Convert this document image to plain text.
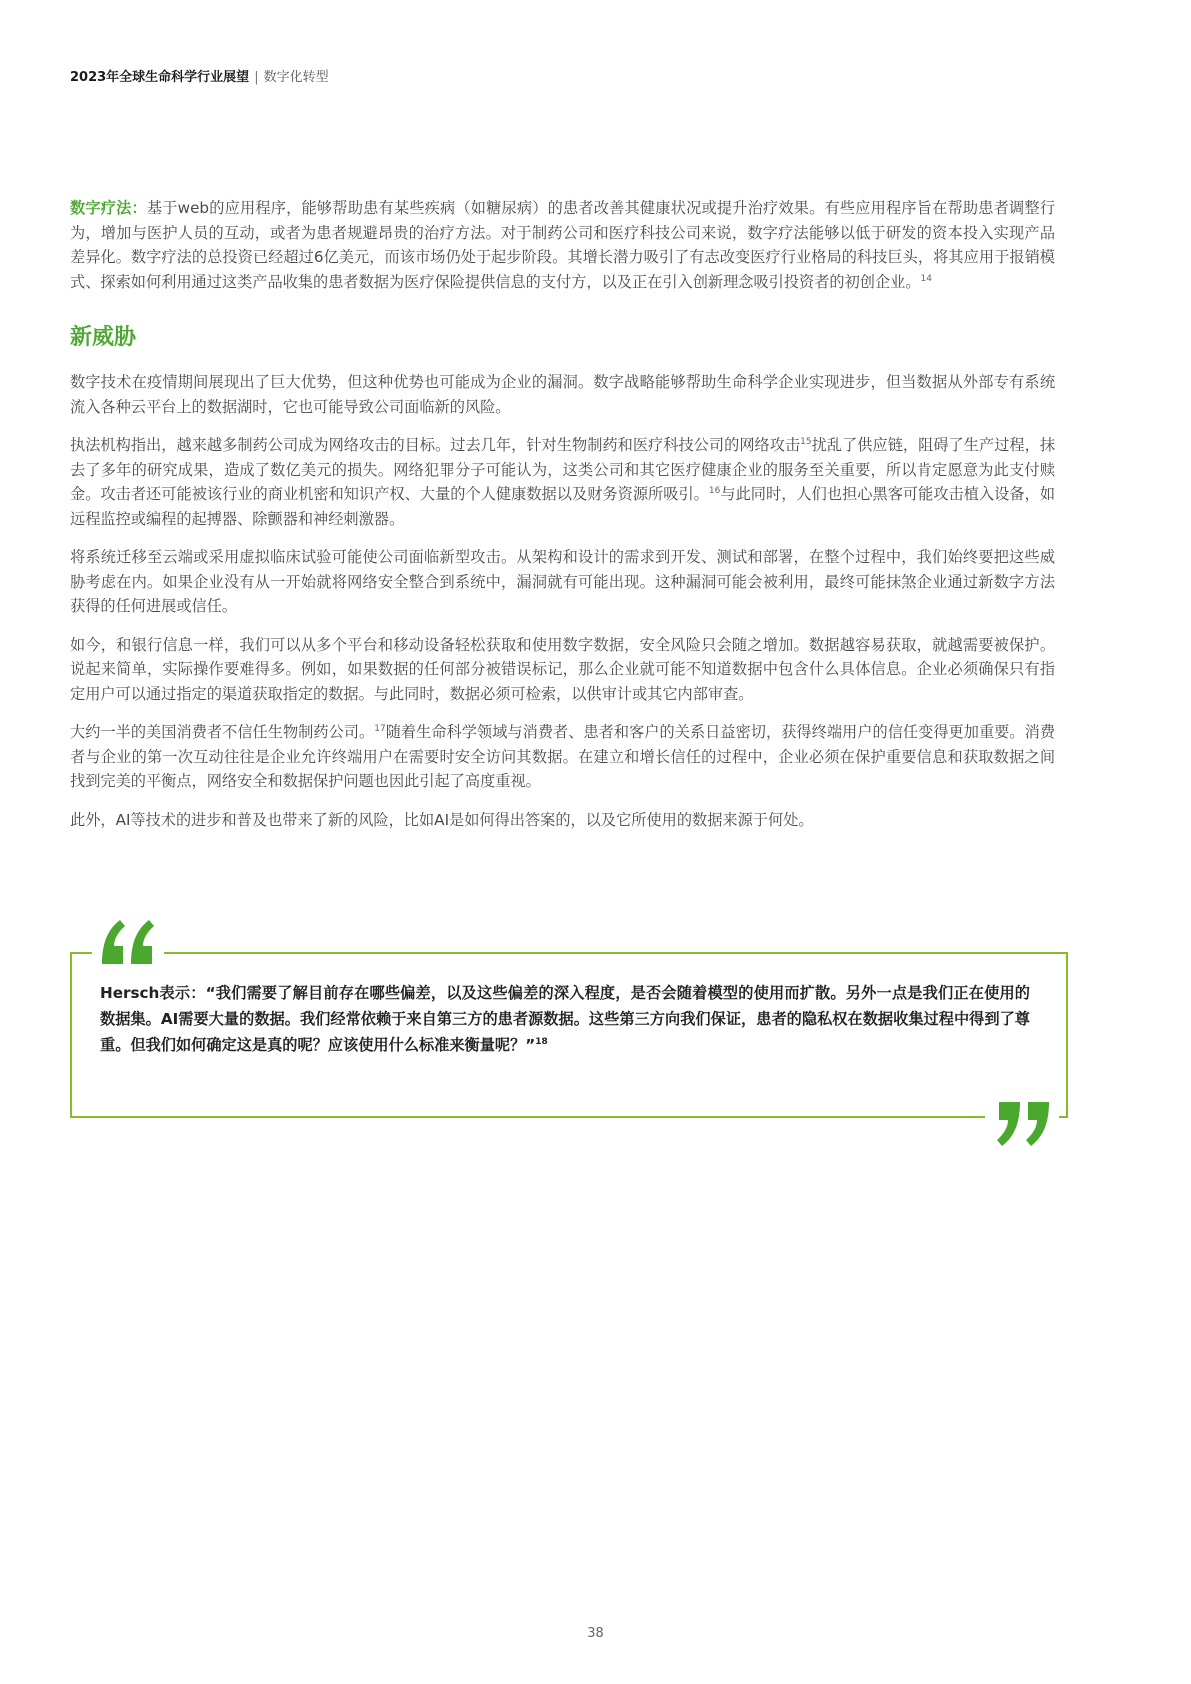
2023年全球生命科学行业展望 | 数字化转型

数字疗法：基于web的应用程序，能够帮助患有某些疾病（如糖尿病）的患者改善其健康状况或提升治疗效果。有些应用程序旨在帮助患者调整行为，增加与医护人员的互动，或者为患者规避昂贵的治疗方法。对于制药公司和医疗科技公司来说，数字疗法能够以低于研发的资本投入实现产品差异化。数字疗法的总投资已经超过6亿美元，而该市场仍处于起步阶段。其增长潜力吸引了有志改变医疗行业格局的科技巨头，将其应用于报销模式、探索如何利用通过这类产品收集的患者数据为医疗保险提供信息的支付方，以及正在引入创新理念吸引投资者的初创企业。$^{14}$

新威胁

数字技术在疫情期间展现出了巨大优势，但这种优势也可能成为企业的漏洞。数字战略能够帮助生命科学企业实现进步，但当数据从外部专有系统流入各种云平台上的数据湖时，它也可能导致公司面临新的风险。

执法机构指出，越来越多制药公司成为网络攻击的目标。过去几年，针对生物制药和医疗科技公司的网络攻击$^{15}$扰乱了供应链，阻碍了生产过程，抹去了多年的研究成果，造成了数亿美元的损失。网络犯罪分子可能认为，这类公司和其它医疗健康企业的服务至关重要，所以肯定愿意为此支付赎金。攻击者还可能被该行业的商业机密和知识产权、大量的个人健康数据以及财务资源所吸引。$^{16}$与此同时，人们也担心黑客可能攻击植入设备，如远程监控或编程的起搏器、除颤器和神经刺激器。

将系统迁移至云端或采用虚拟临床试验可能使公司面临新型攻击。从架构和设计的需求到开发、测试和部署，在整个过程中，我们始终要把这些威胁考虑在内。如果企业没有从一开始就将网络安全整合到系统中，漏洞就有可能出现。这种漏洞可能会被利用，最终可能抹煞企业通过新数字方法获得的任何进展或信任。

如今，和银行信息一样，我们可以从多个平台和移动设备轻松获取和使用数字数据，安全风险只会随之增加。数据越容易获取，就越需要被保护。说起来简单，实际操作要难得多。例如，如果数据的任何部分被错误标记，那么企业就可能不知道数据中包含什么具体信息。企业必须确保只有指定用户可以通过指定的渠道获取指定的数据。与此同时，数据必须可检索，以供审计或其它内部审查。

大约一半的美国消费者不信任生物制药公司。$^{17}$随着生命科学领域与消费者、患者和客户的关系日益密切，获得终端用户的信任变得更加重要。消费者与企业的第一次互动往往是企业允许终端用户在需要时安全访问其数据。在建立和增长信任的过程中，企业必须在保护重要信息和获取数据之间找到完美的平衡点，网络安全和数据保护问题也因此引起了高度重视。

此外，AI等技术的进步和普及也带来了新的风险，比如AI是如何得出答案的，以及它所使用的数据来源于何处。

Hersch表示：“我们需要了解目前存在哪些偏差，以及这些偏差的深入程度，是否会随着模型的使用而扩散。另外一点是我们正在使用的数据集。AI需要大量的数据。我们经常依赖于来自第三方的患者源数据。这些第三方向我们保证，患者的隐私权在数据收集过程中得到了尊重。但我们如何确定这是真的呢？应该使用什么标准来衡量呢？”$^{18}$
38
